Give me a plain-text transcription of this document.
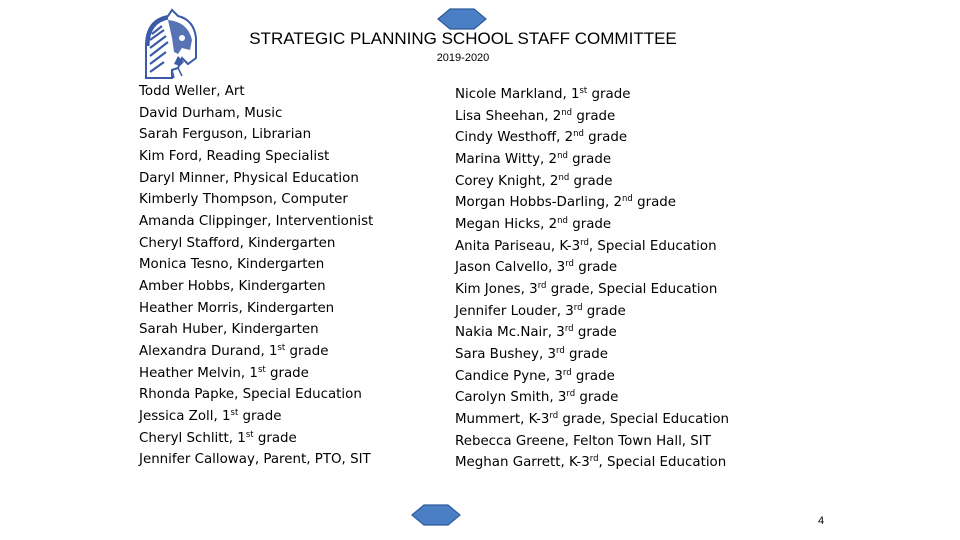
STRATEGIC PLANNING SCHOOL STAFF COMMITTEE
2019-2020
Todd Weller, Art
David Durham, Music
Sarah Ferguson, Librarian
Kim Ford, Reading Specialist
Daryl Minner, Physical Education
Kimberly Thompson, Computer
Amanda Clippinger, Interventionist
Cheryl Stafford, Kindergarten
Monica Tesno, Kindergarten
Amber Hobbs, Kindergarten
Heather Morris, Kindergarten
Sarah Huber, Kindergarten
Alexandra Durand, 1st grade
Heather Melvin, 1st grade
Rhonda Papke, Special Education
Jessica Zoll, 1st grade
Cheryl Schlitt, 1st grade
Jennifer Calloway, Parent, PTO, SIT
Nicole Markland, 1st grade
Lisa Sheehan, 2nd grade
Cindy Westhoff, 2nd grade
Marina Witty, 2nd grade
Corey Knight, 2nd grade
Morgan Hobbs-Darling, 2nd grade
Megan Hicks, 2nd grade
Anita Pariseau, K-3rd, Special Education
Jason Calvello, 3rd grade
Kim Jones, 3rd grade, Special Education
Jennifer Louder, 3rd grade
Nakia Mc.Nair, 3rd grade
Sara Bushey, 3rd grade
Candice Pyne, 3rd grade
Carolyn Smith, 3rd grade
Mummert, K-3rd grade, Special Education
Rebecca Greene, Felton Town Hall, SIT
Meghan Garrett, K-3rd, Special Education
4
